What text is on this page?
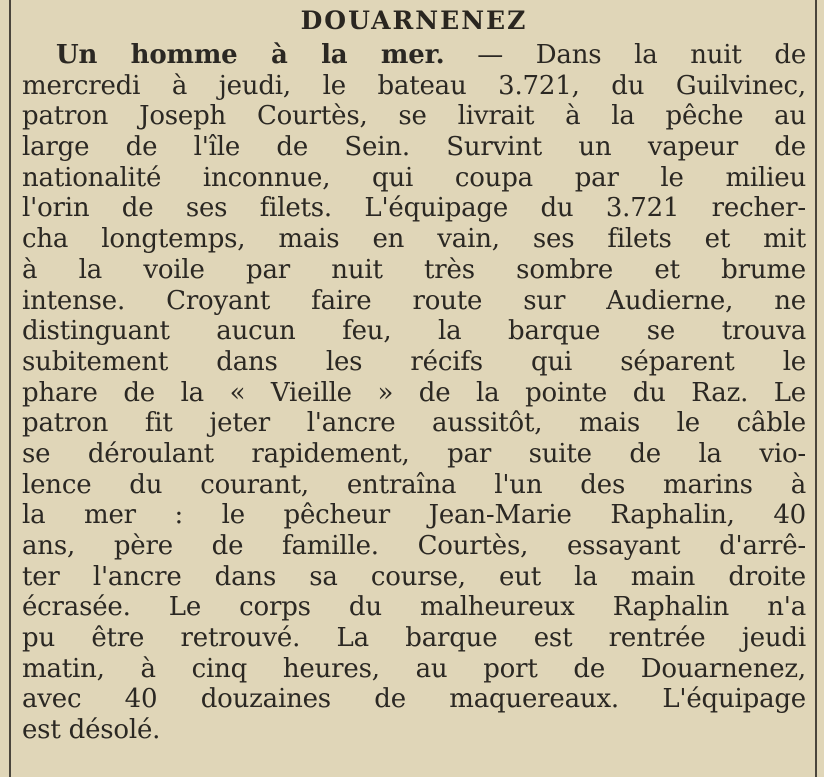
DOUARNENEZ
Un homme à la mer. — Dans la nuit de
mercredi à jeudi, le bateau 3.721, du Guilvinec,
patron Joseph Courtès, se livrait à la pêche au
large de l'île de Sein. Survint un vapeur de
nationalité inconnue, qui coupa par le milieu
l'orin de ses filets. L'équipage du 3.721 recher-
cha longtemps, mais en vain, ses filets et mit
à la voile par nuit très sombre et brume
intense. Croyant faire route sur Audierne, ne
distinguant aucun feu, la barque se trouva
subitement dans les récifs qui séparent le
phare de la « Vieille » de la pointe du Raz. Le
patron fit jeter l'ancre aussitôt, mais le câble
se déroulant rapidement, par suite de la vio-
lence du courant, entraîna l'un des marins à
la mer : le pêcheur Jean-Marie Raphalin, 40
ans, père de famille. Courtès, essayant d'arrê-
ter l'ancre dans sa course, eut la main droite
écrasée. Le corps du malheureux Raphalin n'a
pu être retrouvé. La barque est rentrée jeudi
matin, à cinq heures, au port de Douarnenez,
avec 40 douzaines de maquereaux. L'équipage
est désolé.
